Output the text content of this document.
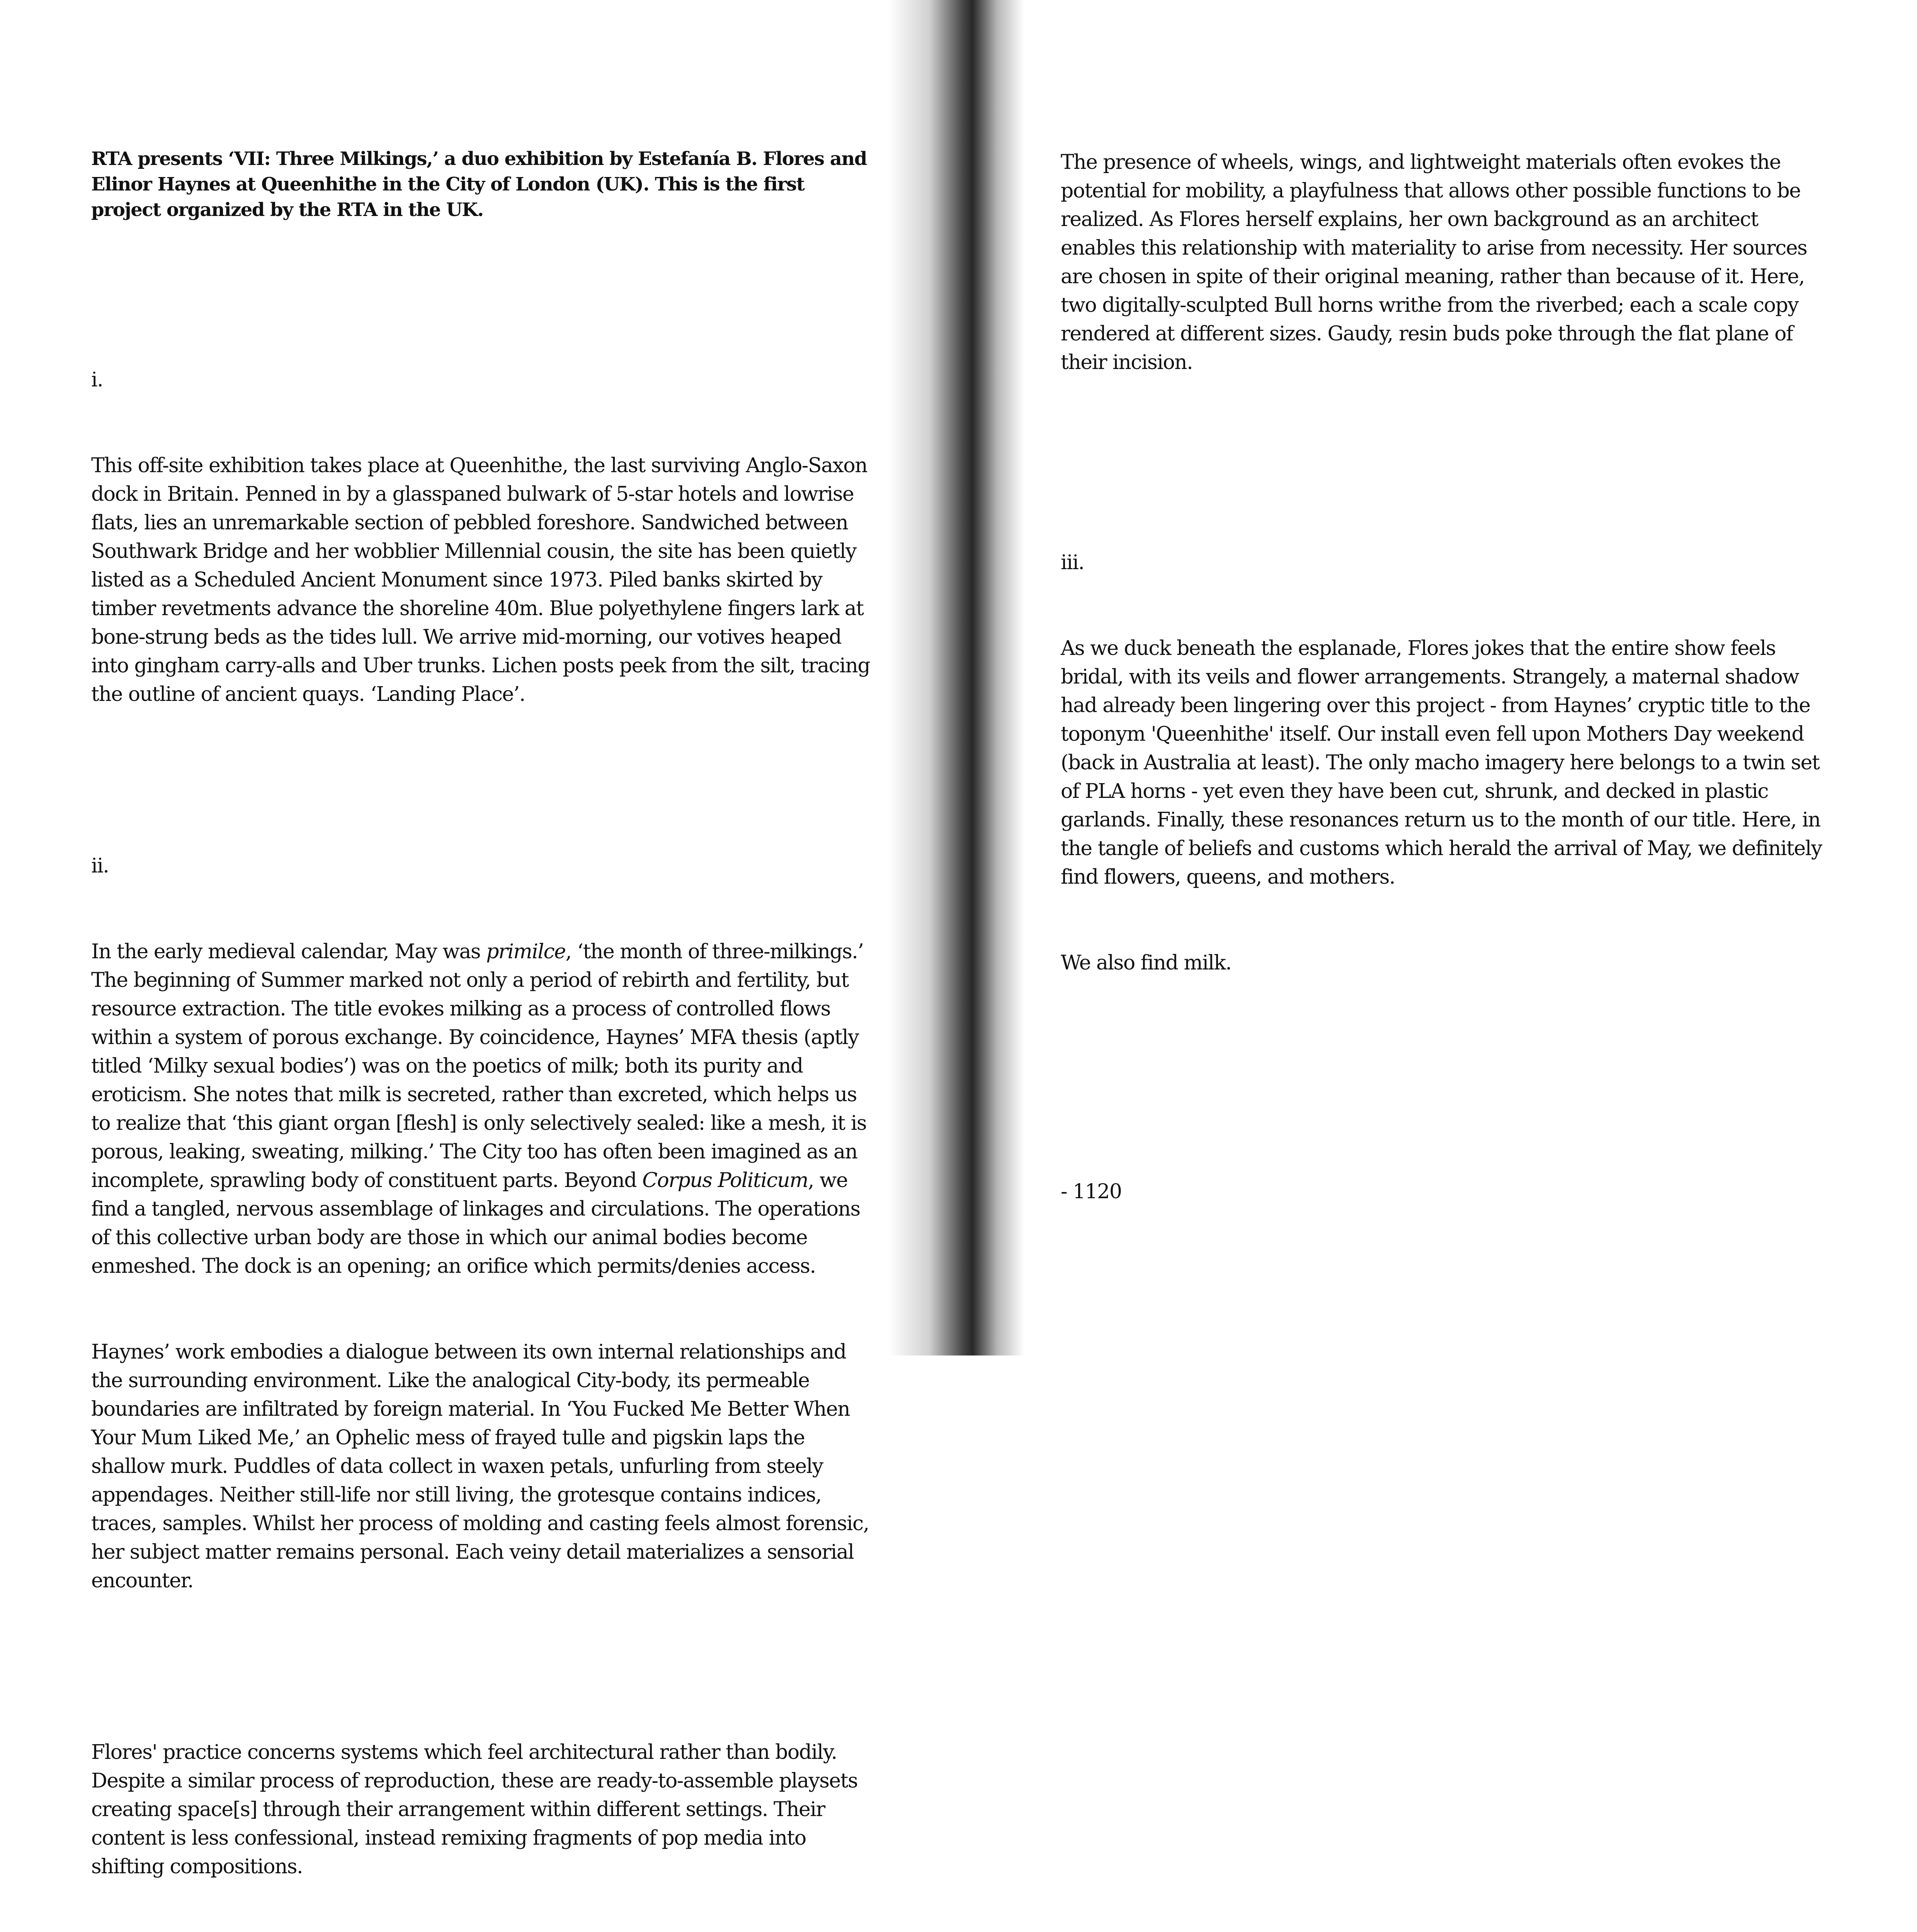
RTA presents ‘VII: Three Milkings,’ a duo exhibition by Estefanía B. Flores and Elinor Haynes at Queenhithe in the City of London (UK). This is the first project organized by the RTA in the UK.

i.

This off-site exhibition takes place at Queenhithe, the last surviving Anglo-Saxon dock in Britain. Penned in by a glasspaned bulwark of 5-star hotels and lowrise flats, lies an unremarkable section of pebbled foreshore. Sandwiched between Southwark Bridge and her wobblier Millennial cousin, the site has been quietly listed as a Scheduled Ancient Monument since 1973. Piled banks skirted by timber revetments advance the shoreline 40m. Blue polyethylene fingers lark at bone-strung beds as the tides lull. We arrive mid-morning, our votives heaped into gingham carry-alls and Uber trunks. Lichen posts peek from the silt, tracing the outline of ancient quays. ‘Landing Place’.

ii.

In the early medieval calendar, May was primilce, ‘the month of three-milkings.’ The beginning of Summer marked not only a period of rebirth and fertility, but resource extraction. The title evokes milking as a process of controlled flows within a system of porous exchange. By coincidence, Haynes’ MFA thesis (aptly titled ‘Milky sexual bodies’) was on the poetics of milk; both its purity and eroticism. She notes that milk is secreted, rather than excreted, which helps us to realize that ‘this giant organ [flesh] is only selectively sealed: like a mesh, it is porous, leaking, sweating, milking.’ The City too has often been imagined as an incomplete, sprawling body of constituent parts. Beyond Corpus Politicum, we find a tangled, nervous assemblage of linkages and circulations. The operations of this collective urban body are those in which our animal bodies become enmeshed. The dock is an opening; an orifice which permits/denies access.

Haynes’ work embodies a dialogue between its own internal relationships and the surrounding environment. Like the analogical City-body, its permeable boundaries are infiltrated by foreign material. In ‘You Fucked Me Better When Your Mum Liked Me,’ an Ophelic mess of frayed tulle and pigskin laps the shallow murk. Puddles of data collect in waxen petals, unfurling from steely appendages. Neither still-life nor still living, the grotesque contains indices, traces, samples. Whilst her process of molding and casting feels almost forensic, her subject matter remains personal. Each veiny detail materializes a sensorial encounter.

Flores' practice concerns systems which feel architectural rather than bodily. Despite a similar process of reproduction, these are ready-to-assemble playsets creating space[s] through their arrangement within different settings. Their content is less confessional, instead remixing fragments of pop media into shifting compositions.

The presence of wheels, wings, and lightweight materials often evokes the potential for mobility, a playfulness that allows other possible functions to be realized. As Flores herself explains, her own background as an architect enables this relationship with materiality to arise from necessity. Her sources are chosen in spite of their original meaning, rather than because of it. Here, two digitally-sculpted Bull horns writhe from the riverbed; each a scale copy rendered at different sizes. Gaudy, resin buds poke through the flat plane of their incision.

iii.

As we duck beneath the esplanade, Flores jokes that the entire show feels bridal, with its veils and flower arrangements. Strangely, a maternal shadow had already been lingering over this project - from Haynes’ cryptic title to the toponym 'Queenhithe' itself. Our install even fell upon Mothers Day weekend (back in Australia at least). The only macho imagery here belongs to a twin set of PLA horns - yet even they have been cut, shrunk, and decked in plastic garlands. Finally, these resonances return us to the month of our title. Here, in the tangle of beliefs and customs which herald the arrival of May, we definitely find flowers, queens, and mothers.

We also find milk.

- 1120
